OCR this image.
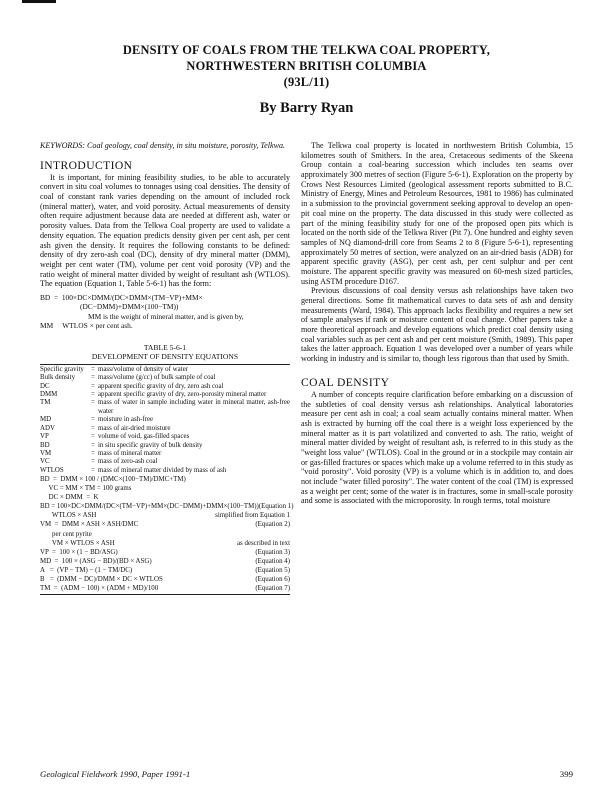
DENSITY OF COALS FROM THE TELKWA COAL PROPERTY,
NORTHWESTERN BRITISH COLUMBIA
(93L/11)
By Barry Ryan

KEYWORDS: Coal geology, coal density, in situ moisture, porosity, Telkwa.

INTRODUCTION

It is important, for mining feasibility studies, to be able to accurately convert in situ coal volumes to tonnages using coal densities. The density of coal of constant rank varies depending on the amount of included rock (mineral matter), water, and void porosity. Actual measurements of density often require adjustment because data are needed at different ash, water or porosity values. Data from the Telkwa Coal property are used to validate a density equation. The equation predicts density given per cent ash, per cent ash given the density. It requires the following constants to be defined: density of dry zero-ash coal (DC), density of dry mineral matter (DMM), weight per cent water (TM), volume per cent void porosity (VP) and the ratio weight of mineral matter divided by weight of resultant ash (WTLOS). The equation (Equation 1, Table 5-6-1) has the form:

BD  =  100×DC×DMM/(DC×DMM×(TM−VP)+MM×
(DC−DMM)+DMM×(100−TM))
MM is the weight of mineral matter, and is given by,
MM WTLOS × per cent ash.
TABLE 5-6-1
DEVELOPMENT OF DENSITY EQUATIONS
Specific gravity	=	mass/volume of density of water
Bulk density	=	mass/volume (g/cc) of bulk sample of coal
DC	=	apparent specific gravity of dry, zero ash coal
DMM	=	apparent specific gravity of dry, zero-porosity mineral matter
TM	=	mass of water in sample including water in mineral matter, ash-free water
MD	=	moisture in ash-free
ADV	=	mass of air-dried moisture
VP	=	volume of void, gas-filled spaces
BD	=	in situ specific gravity of bulk density
VM	=	mass of mineral matter
VC	=	mass of zero-ash coal
WTLOS	=	mass of mineral matter divided by mass of ash
BD  =  DMM × 100 / (DMC×(100−TM)/DMC+TM)
VC = MM × TM = 100 grams
DC × DMM  =  K
BD = 100×DC×DMM/(DC×(TM−VP)+MM×(DC−DMM)+DMM×(100−TM)) (Equation 1)
WTLOS × ASH	simplified from Equation 1
VM  =  DMM × ASH × ASH/DMC	(Equation 2)
per cent pyrite
VM × WTLOS × ASH	as described in text
VP  =  100 × (1 − BD/ASG)	(Equation 3)
MD  =  100 × (ASG − BD)/(BD × ASG)	(Equation 4)
A   =  (VP − TM) − (1 − TM/DC)	(Equation 5)
B   =  (DMM − DC)/DMM × DC × WTLOS	(Equation 6)
TM  =  (ADM − 100) × (ADM + MD)/100	(Equation 7)

The Telkwa coal property is located in northwestern British Columbia, 15 kilometres south of Smithers. In the area, Cretaceous sediments of the Skeena Group contain a coal-bearing succession which includes ten seams over approximately 300 metres of section (Figure 5-6-1). Exploration on the property by Crows Nest Resources Limited (geological assessment reports submitted to B.C. Ministry of Energy, Mines and Petroleum Resources, 1981 to 1986) has culminated in a submission to the provincial government seeking approval to develop an open-pit coal mine on the property. The data discussed in this study were collected as part of the mining feasibility study for one of the proposed open pits which is located on the north side of the Telkwa River (Pit 7). One hundred and eighty seven samples of NQ diamond-drill core from Seams 2 to 8 (Figure 5-6-1), representing approximately 50 metres of section, were analyzed on an air-dried basis (ADB) for apparent specific gravity (ASG), per cent ash, per cent sulphur and per cent moisture. The apparent specific gravity was measured on 60-mesh sized particles, using ASTM procedure D167.

Previous discussions of coal density versus ash relationships have taken two general directions. Some fit mathematical curves to data sets of ash and density measurements (Ward, 1984). This approach lacks flexibility and requires a new set of sample analyses if rank or moisture content of coal change. Other papers take a more theoretical approach and develop equations which predict coal density using coal variables such as per cent ash and per cent moisture (Smith, 1989). This paper takes the latter approach. Equation 1 was developed over a number of years while working in industry and is similar to, though less rigorous than that used by Smith.

COAL DENSITY

A number of concepts require clarification before embarking on a discussion of the subtleties of coal density versus ash relationships. Analytical laboratories measure per cent ash in coal; a coal seam actually contains mineral matter. When ash is extracted by burning off the coal there is a weight loss experienced by the mineral matter as it is part volatilized and converted to ash. The ratio, weight of mineral matter divided by weight of resultant ash, is referred to in this study as the "weight loss value" (WTLOS). Coal in the ground or in a stockpile may contain air or gas-filled fractures or spaces which make up a volume referred to in this study as "void porosity". Void porosity (VP) is a volume which is in addition to, and does not include "water filled porosity". The water content of the coal (TM) is expressed as a weight per cent; some of the water is in fractures, some in small-scale porosity and some is associated with the microporosity. In rough terms, total moisture

Geological Fieldwork 1990, Paper 1991-1	399
